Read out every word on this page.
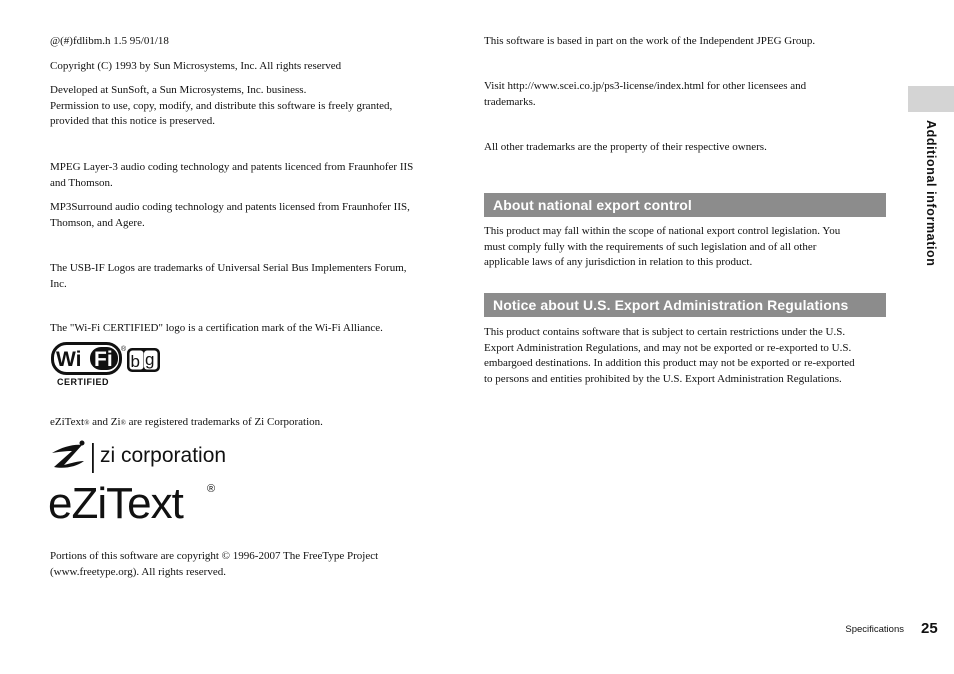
@(#)fdlibm.h 1.5 95/01/18

Copyright (C) 1993 by Sun Microsystems, Inc. All rights reserved

Developed at SunSoft, a Sun Microsystems, Inc. business.

Permission to use, copy, modify, and distribute this software is freely granted,

provided that this notice is preserved.

MPEG Layer-3 audio coding technology and patents licenced from Fraunhofer IIS

and Thomson.

MP3Surround audio coding technology and patents licensed from Fraunhofer IIS,

Thomson, and Agere.

The USB-IF Logos are trademarks of Universal Serial Bus Implementers Forum,

Inc.

The "Wi-Fi CERTIFIED" logo is a certification mark of the Wi-Fi Alliance.

eZiText® and Zi® are registered trademarks of Zi Corporation.

Portions of this software are copyright © 1996-2007 The FreeType Project

(www.freetype.org). All rights reserved.

Wi Fi ®
b g
CERTIFIED
zi corporation
eZiText ®

This software is based in part on the work of the Independent JPEG Group.

Visit http://www.scei.co.jp/ps3-license/index.html for other licensees and

trademarks.

All other trademarks are the property of their respective owners.

About national export control

This product may fall within the scope of national export control legislation. You

must comply fully with the requirements of such legislation and of all other

applicable laws of any jurisdiction in relation to this product.

Notice about U.S. Export Administration Regulations

This product contains software that is subject to certain restrictions under the U.S.

Export Administration Regulations, and may not be exported or re-exported to U.S.

embargoed destinations. In addition this product may not be exported or re-exported

to persons and entities prohibited by the U.S. Export Administration Regulations.

Additional information
Specifications 25
